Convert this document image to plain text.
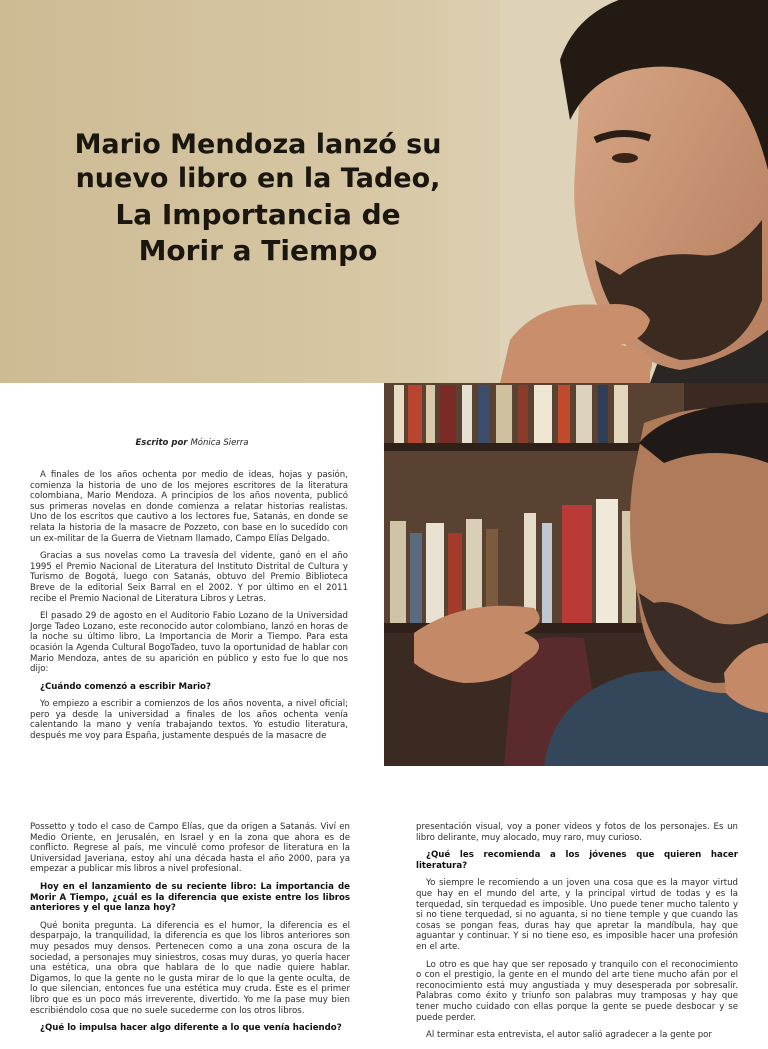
Mario Mendoza lanzó su
nuevo libro en la Tadeo,
La Importancia de
Morir a Tiempo
Escrito por Mónica Sierra

A finales de los años ochenta por medio de ideas, hojas y pasión, comienza la historia de uno de los mejores escritores de la literatura colombiana, Mario Mendoza. A principios de los años noventa, publicó sus primeras novelas en donde comienza a relatar historias realistas. Uno de los escritos que cautivo a los lectores fue, Satanás, en donde se relata la historia de la masacre de Pozzeto, con base en lo sucedido con un ex-militar de la Guerra de Vietnam llamado, Campo Elías Delgado.

Gracias a sus novelas como La travesía del vidente, ganó en el año 1995 el Premio Nacional de Literatura del Instituto Distrital de Cultura y Turismo de Bogotá, luego con Satanás, obtuvo del Premio Biblioteca Breve de la editorial Seix Barral en el 2002. Y por último en el 2011 recibe el Premio Nacional de Literatura Libros y Letras.

El pasado 29 de agosto en el Auditorio Fabio Lozano de la Universidad Jorge Tadeo Lozano, este reconocido autor colombiano, lanzó en horas de la noche su último libro, La Importancia de Morir a Tiempo. Para esta ocasión la Agenda Cultural BogoTadeo, tuvo la oportunidad de hablar con Mario Mendoza, antes de su aparición en público y esto fue lo que nos dijo:

¿Cuándo comenzó a escribir Mario?

Yo empiezo a escribir a comienzos de los años noventa, a nivel oficial; pero ya desde la universidad a finales de los años ochenta venía calentando la mano y venía trabajando textos. Yo estudio literatura, después me voy para España, justamente después de la masacre de

Possetto y todo el caso de Campo Elías, que da origen a Satanás. Viví en Medio Oriente, en Jerusalén, en Israel y en la zona que ahora es de conflicto. Regrese al país, me vinculé como profesor de literatura en la Universidad Javeriana, estoy ahí una década hasta el año 2000, para ya empezar a publicar mis libros a nivel profesional.

Hoy en el lanzamiento de su reciente libro: La importancia de Morir A Tiempo, ¿cuál es la diferencia que existe entre los libros anteriores y el que lanza hoy?

Qué bonita pregunta. La diferencia es el humor, la diferencia es el desparpajo, la tranquilidad, la diferencia es que los libros anteriores son muy pesados muy densos. Pertenecen como a una zona oscura de la sociedad, a personajes muy siniestros, cosas muy duras, yo quería hacer una estética, una obra que hablara de lo que nadie quiere hablar. Digamos, lo que la gente no le gusta mirar de lo que la gente oculta, de lo que silencian, entonces fue una estética muy cruda. Este es el primer libro que es un poco más irreverente, divertido. Yo me la pase muy bien escribiéndolo cosa que no suele sucederme con los otros libros.

¿Qué lo impulsa hacer algo diferente a lo que venía haciendo?

presentación visual, voy a poner videos y fotos de los personajes. Es un libro delirante, muy alocado, muy raro, muy curioso.

¿Qué les recomienda a los jóvenes que quieren hacer literatura?

Yo siempre le recomiendo a un joven una cosa que es la mayor virtud que hay en el mundo del arte, y la principal virtud de todas y es la terquedad, sin terquedad es imposible. Uno puede tener mucho talento y si no tiene terquedad, si no aguanta, si no tiene temple y que cuando las cosas se pongan feas, duras hay que apretar la mandíbula, hay que aguantar y continuar. Y si no tiene eso, es imposible hacer una profesión en el arte.

Lo otro es que hay que ser reposado y tranquilo con el reconocimiento o con el prestigio, la gente en el mundo del arte tiene mucho afán por el reconocimiento está muy angustiada y muy desesperada por sobresalir. Palabras como éxito y triunfo son palabras muy tramposas y hay que tener mucho cuidado con ellas porque la gente se puede desbocar y se puede perder.

Al terminar esta entrevista, el autor salió agradecer a la gente por
